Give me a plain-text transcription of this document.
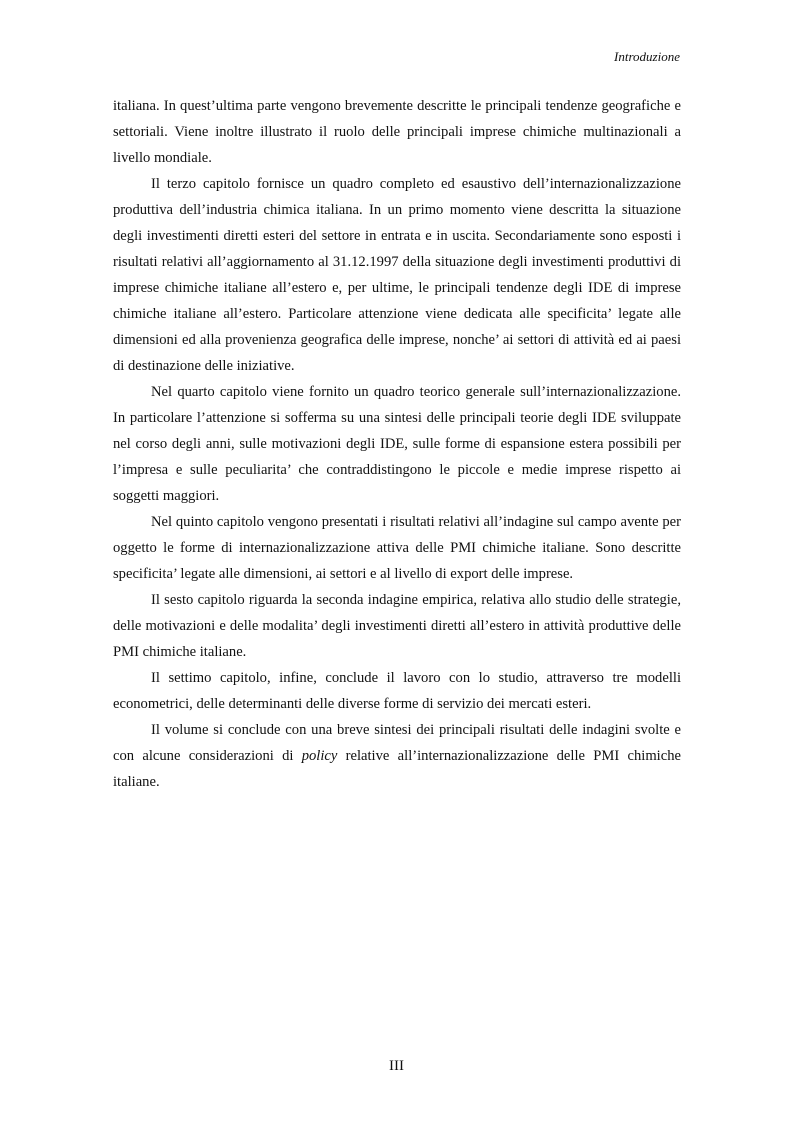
Introduzione

italiana. In quest’ultima parte vengono brevemente descritte le principali tendenze geografiche e settoriali. Viene inoltre illustrato il ruolo delle principali imprese chimiche multinazionali a livello mondiale.

Il terzo capitolo fornisce un quadro completo ed esaustivo dell’internazionalizzazione produttiva dell’industria chimica italiana. In un primo momento viene descritta la situazione degli investimenti diretti esteri del settore in entrata e in uscita. Secondariamente sono esposti i risultati relativi all’aggiornamento al 31.12.1997 della situazione degli investimenti produttivi di imprese chimiche italiane all’estero e, per ultime, le principali tendenze degli IDE di imprese chimiche italiane all’estero. Particolare attenzione viene dedicata alle specificita’ legate alle dimensioni ed alla provenienza geografica delle imprese, nonche’ ai settori di attività ed ai paesi di destinazione delle iniziative.

Nel quarto capitolo viene fornito un quadro teorico generale sull’internazionalizzazione. In particolare l’attenzione si sofferma su una sintesi delle principali teorie degli IDE sviluppate nel corso degli anni, sulle motivazioni degli IDE, sulle forme di espansione estera possibili per l’impresa e sulle peculiarita’ che contraddistingono le piccole e medie imprese rispetto ai soggetti maggiori.

Nel quinto capitolo vengono presentati i risultati relativi all’indagine sul campo avente per oggetto le forme di internazionalizzazione attiva delle PMI chimiche italiane. Sono descritte specificita’ legate alle dimensioni, ai settori e al livello di export delle imprese.

Il sesto capitolo riguarda la seconda indagine empirica, relativa allo studio delle strategie, delle motivazioni e delle modalita’ degli investimenti diretti all’estero in attività produttive delle PMI chimiche italiane.

Il settimo capitolo, infine, conclude il lavoro con lo studio, attraverso tre modelli econometrici, delle determinanti delle diverse forme di servizio dei mercati esteri.

Il volume si conclude con una breve sintesi dei principali risultati delle indagini svolte e con alcune considerazioni di policy relative all’internazionalizzazione delle PMI chimiche italiane.

III
